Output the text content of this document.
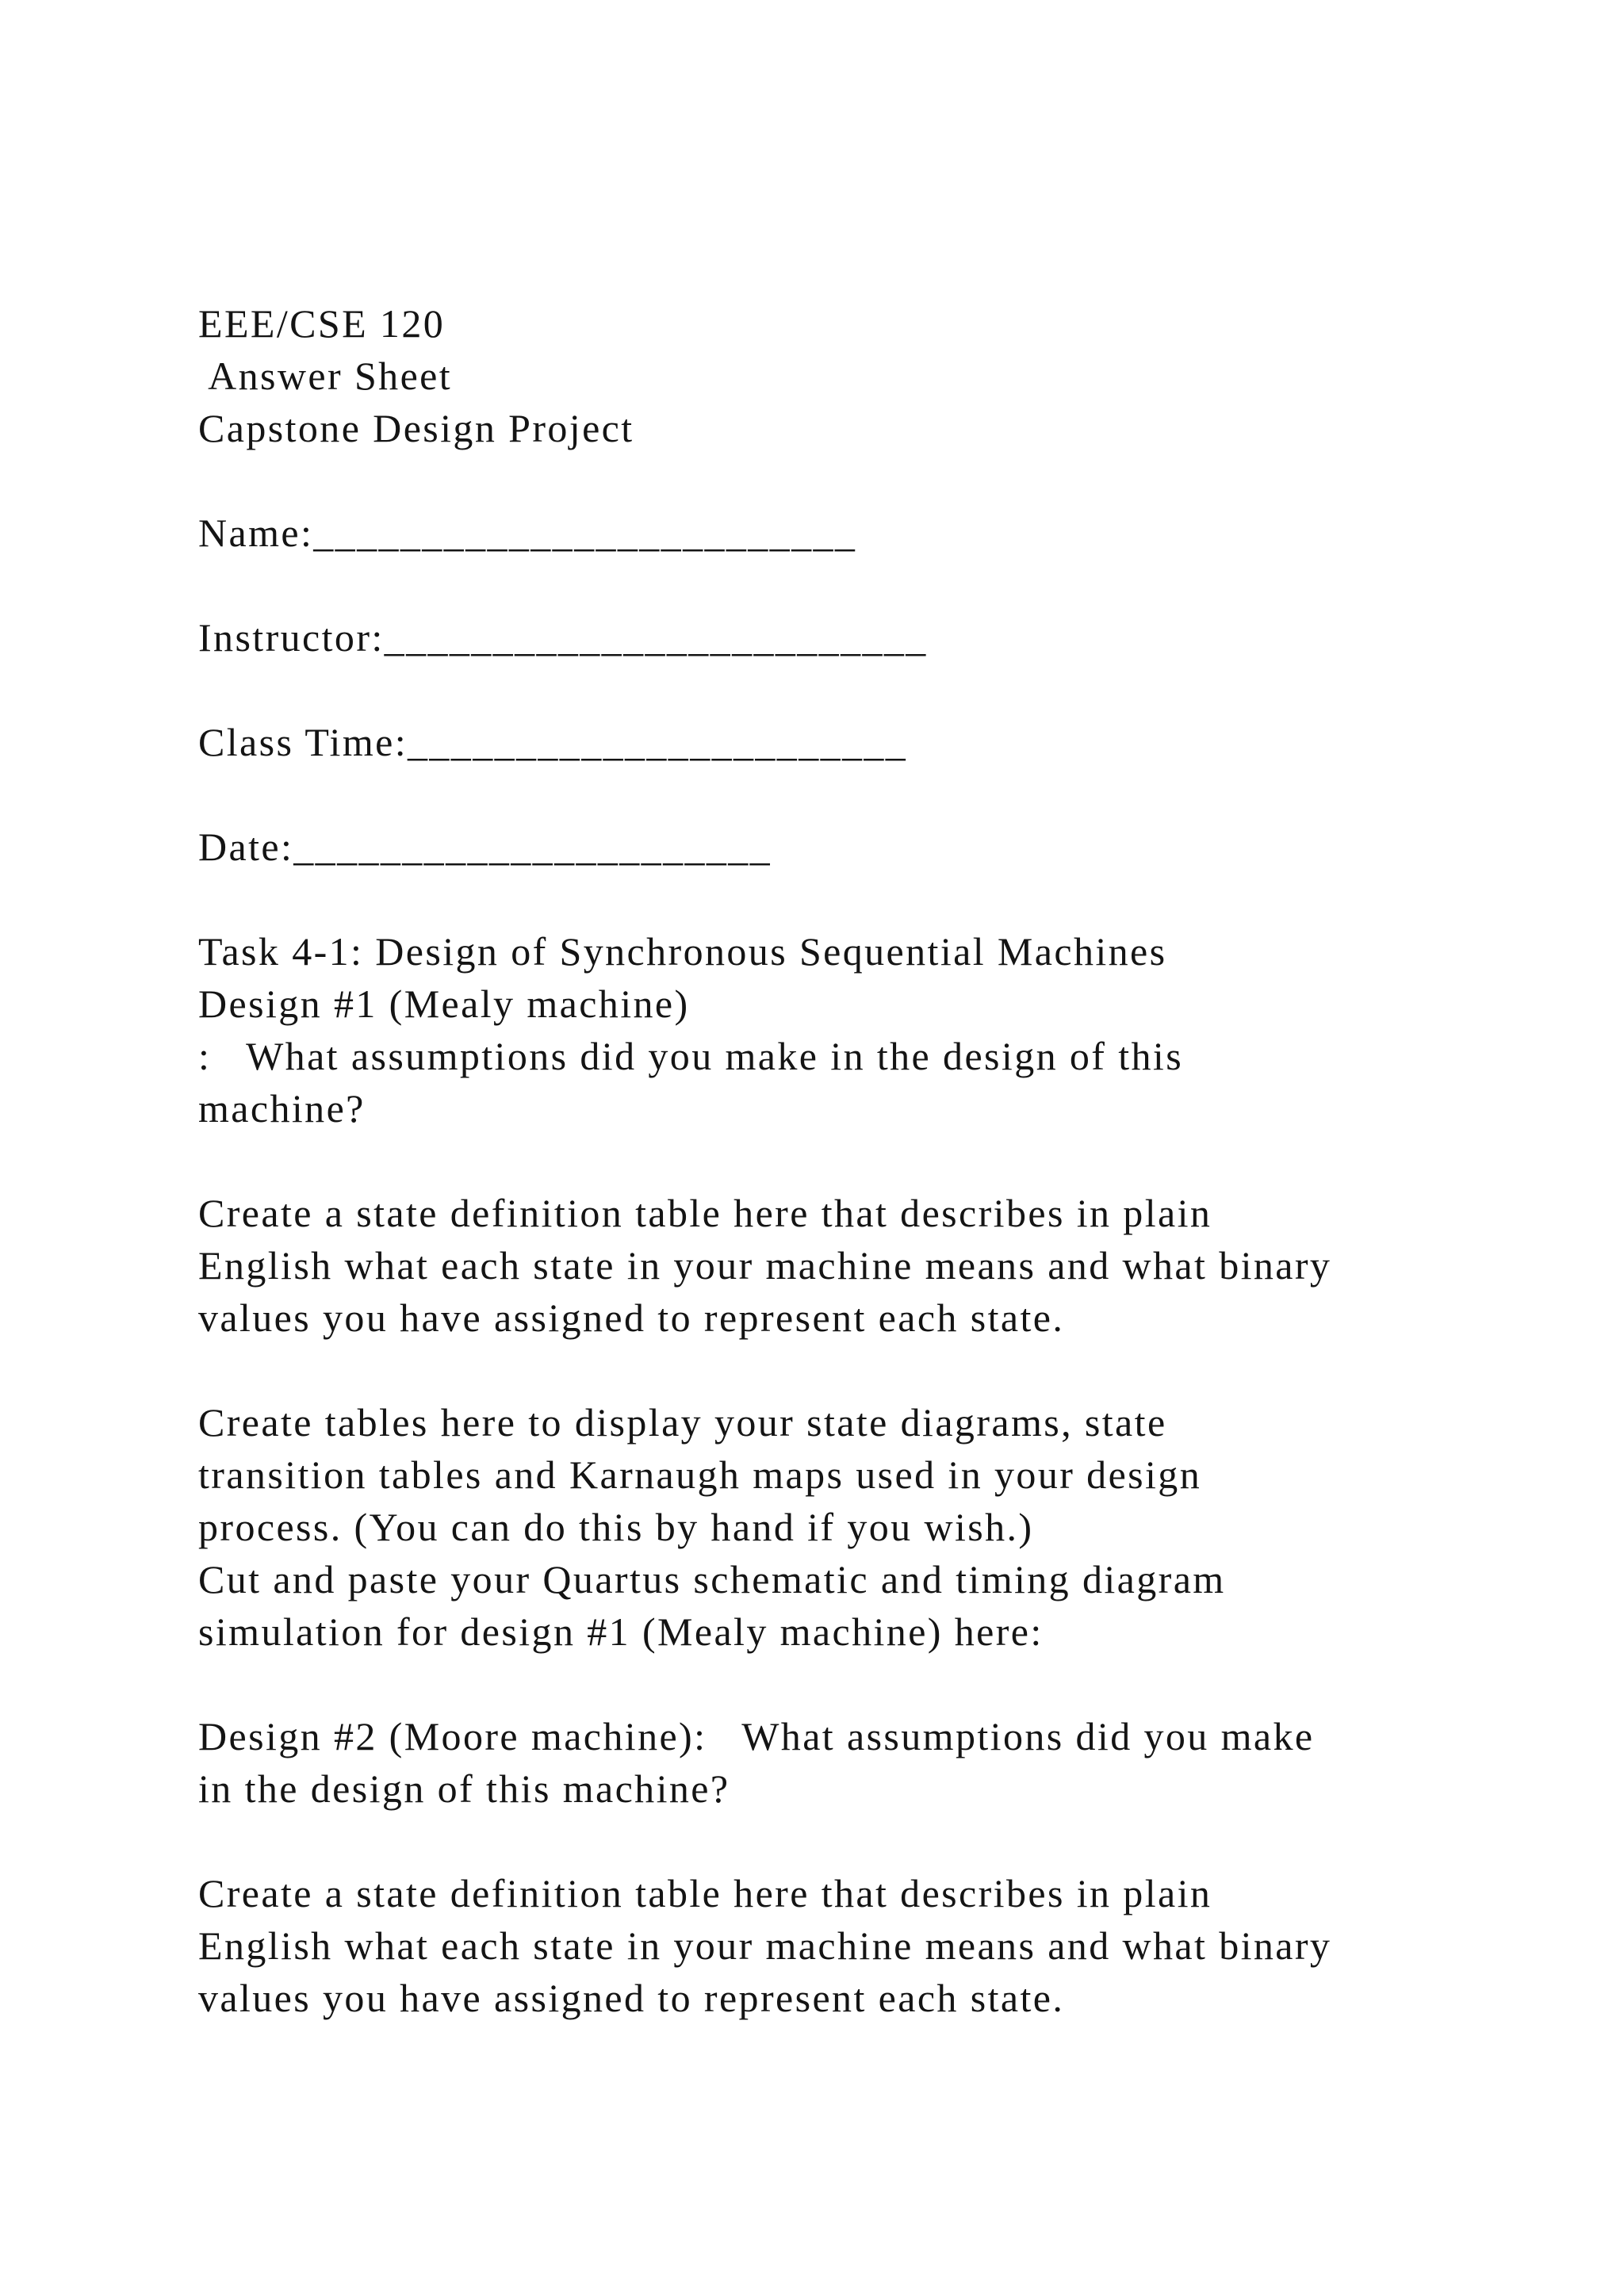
EEE/CSE 120
Answer Sheet
Capstone Design Project
Name:_________________________
Instructor:_________________________
Class Time:_______________________
Date:______________________
Task 4-1: Design of Synchronous Sequential Machines
Design #1 (Mealy machine)
:   What assumptions did you make in the design of this
machine?
Create a state definition table here that describes in plain
English what each state in your machine means and what binary
values you have assigned to represent each state.
Create tables here to display your state diagrams, state
transition tables and Karnaugh maps used in your design
process. (You can do this by hand if you wish.)
Cut and paste your Quartus schematic and timing diagram
simulation for design #1 (Mealy machine) here:
Design #2 (Moore machine):   What assumptions did you make
in the design of this machine?
Create a state definition table here that describes in plain
English what each state in your machine means and what binary
values you have assigned to represent each state.
